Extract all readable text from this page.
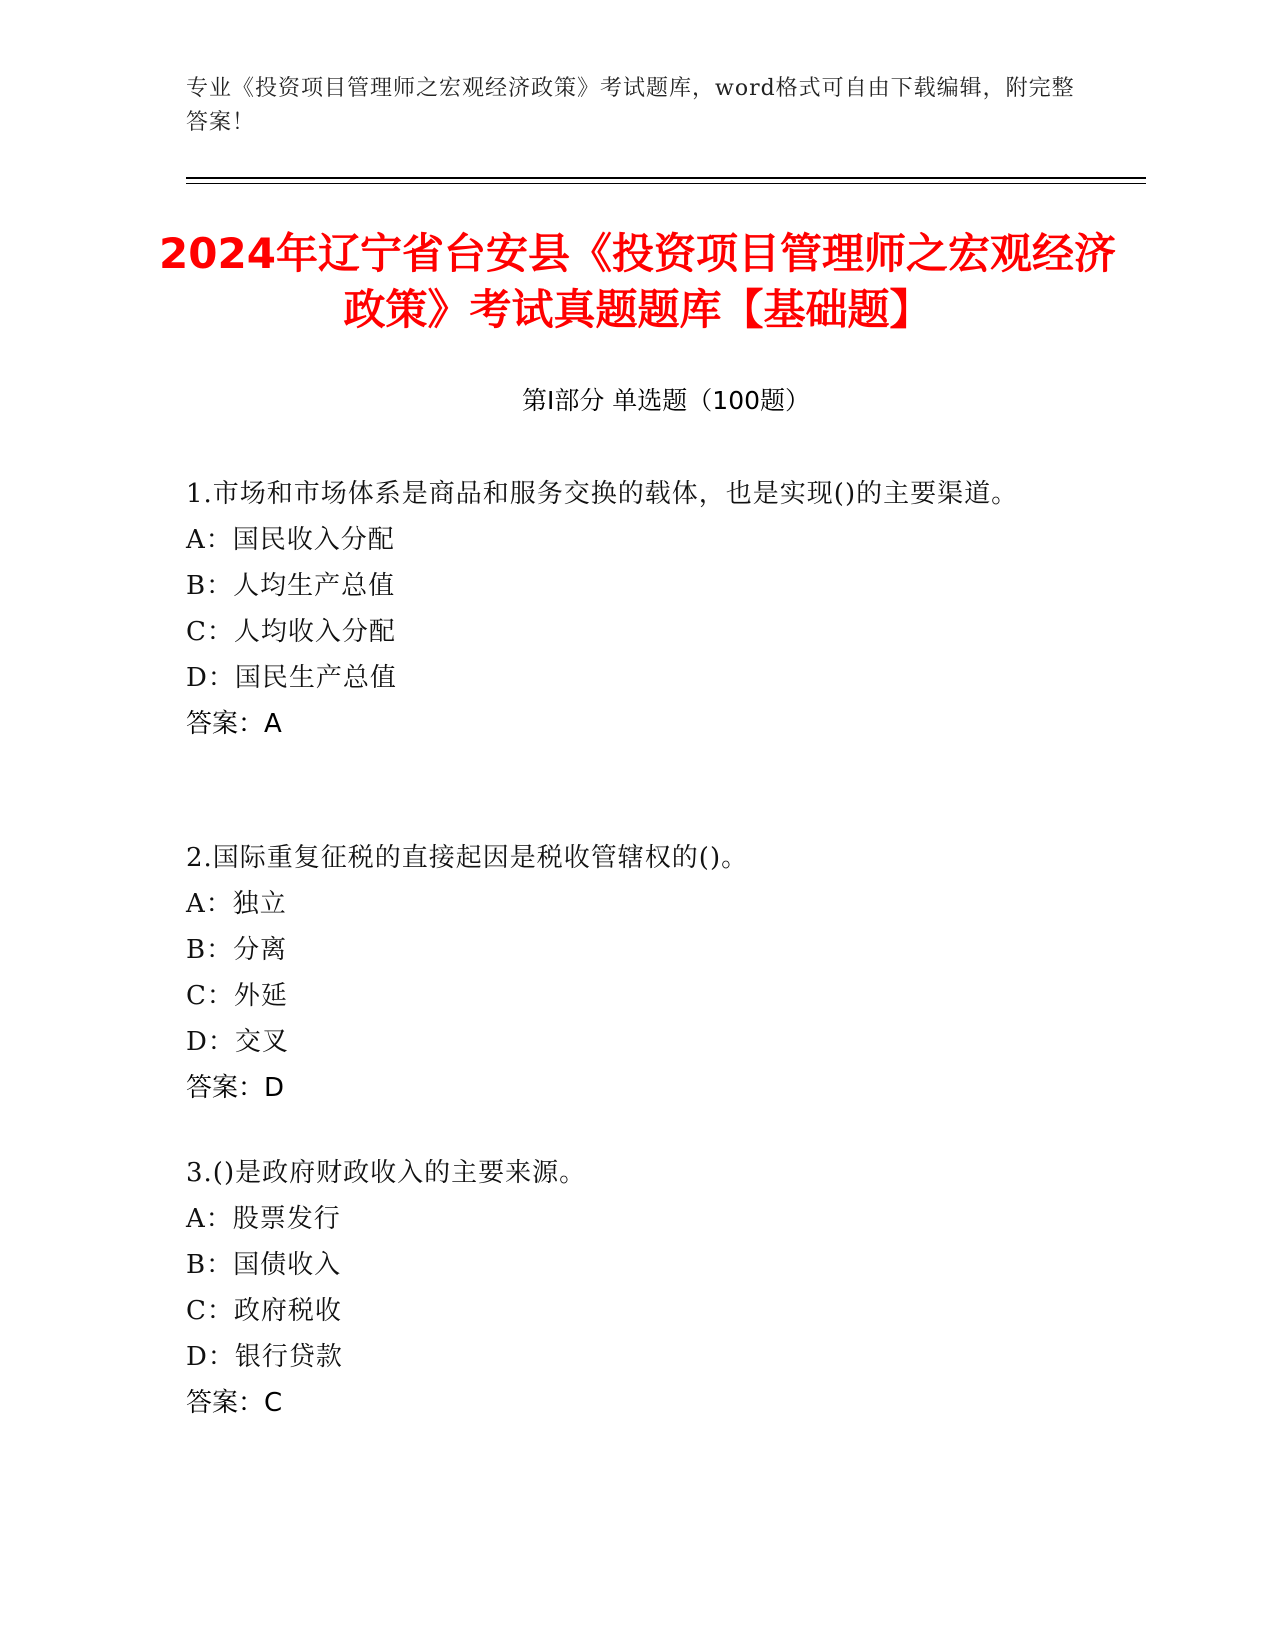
专业《投资项目管理师之宏观经济政策》考试题库，word格式可自由下载编辑，附完整答案！
2024年辽宁省台安县《投资项目管理师之宏观经济政策》考试真题题库【基础题】
第Ⅰ部分 单选题（100题）
1.市场和市场体系是商品和服务交换的载体，也是实现()的主要渠道。
A：国民收入分配
B：人均生产总值
C：人均收入分配
D：国民生产总值
答案：A
2.国际重复征税的直接起因是税收管辖权的()。
A：独立
B：分离
C：外延
D：交叉
答案：D
3.()是政府财政收入的主要来源。
A：股票发行
B：国债收入
C：政府税收
D：银行贷款
答案：C
